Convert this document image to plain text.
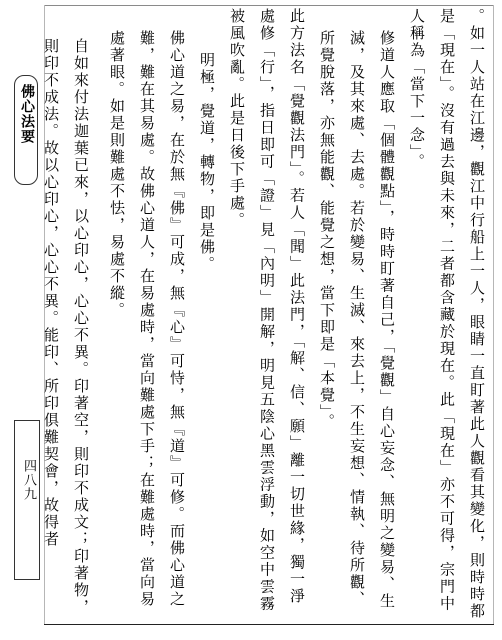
佛心法要
四八九	。如一人站在江邊，觀江中行船上一人，眼睛一直盯著此人觀看其變化，則時時都是「現在」。沒有過去與未來，二者都含藏於現在。此「現在」亦不可得，宗門中人稱為「當下一念」。

修道人應取「個體觀點」，時時盯著自己，「覺觀」自心妄念、無明之變易、生滅，及其來處、去處。若於變易、生滅、來去上，不生妄想、情執、待所觀、所覺脫落，亦無能觀、能覺之想，當下即是「本覺」。

此方法名「覺觀法門」。若人「聞」此法門，「解、信、願」離一切世緣，獨一淨處修「行」，指日即可「證」見「內明」開解，明見五陰心黑雲浮動，如空中雲霧被風吹亂。此是日後下手處。

明極，覺道，轉物，即是佛。

佛心道之易，在於無『佛』可成，無『心』可恃，無『道』可修。而佛心道之難，難在其易處。故佛心道人，在易處時，當向難處下手；在難處時，當向易處著眼。如是則難處不怯，易處不縱。

自如來付法迦葉已來，以心印心，心心不異。印著空，則印不成文；印著物，則印不成法。故以心印心，心心不異。能印、所印俱難契會，故得者
